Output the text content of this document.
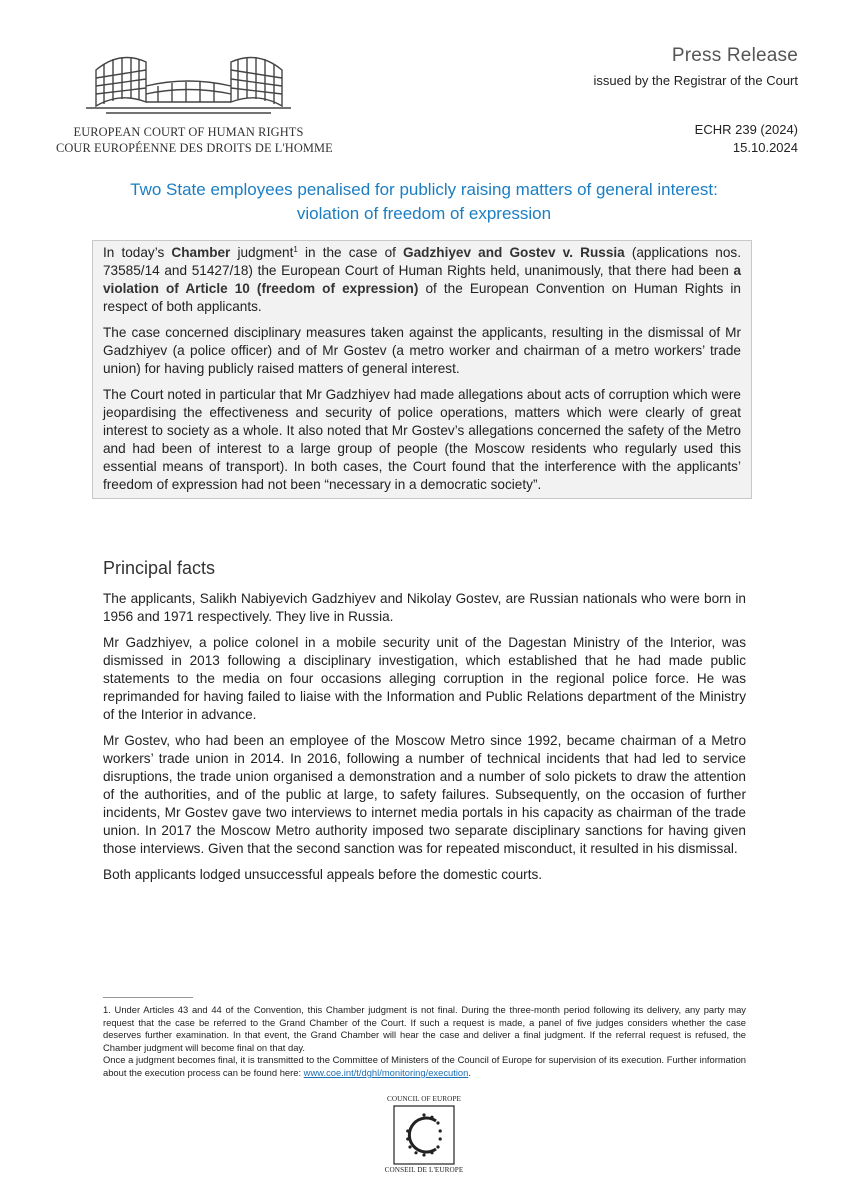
EUROPEAN COURT OF HUMAN RIGHTS
COUR EUROPÉENNE DES DROITS DE L'HOMME
Press Release
issued by the Registrar of the Court
ECHR 239 (2024)
15.10.2024
Two State employees penalised for publicly raising matters of general interest: violation of freedom of expression

In today’s Chamber judgment$^1$ in the case of Gadzhiyev and Gostev v. Russia (applications nos. 73585/14 and 51427/18) the European Court of Human Rights held, unanimously, that there had been a violation of Article 10 (freedom of expression) of the European Convention on Human Rights in respect of both applicants.

The case concerned disciplinary measures taken against the applicants, resulting in the dismissal of Mr Gadzhiyev (a police officer) and of Mr Gostev (a metro worker and chairman of a metro workers’ trade union) for having publicly raised matters of general interest.

The Court noted in particular that Mr Gadzhiyev had made allegations about acts of corruption which were jeopardising the effectiveness and security of police operations, matters which were clearly of great interest to society as a whole. It also noted that Mr Gostev’s allegations concerned the safety of the Metro and had been of interest to a large group of people (the Moscow residents who regularly used this essential means of transport). In both cases, the Court found that the interference with the applicants’ freedom of expression had not been “necessary in a democratic society”.

Principal facts

The applicants, Salikh Nabiyevich Gadzhiyev and Nikolay Gostev, are Russian nationals who were born in 1956 and 1971 respectively. They live in Russia.

Mr Gadzhiyev, a police colonel in a mobile security unit of the Dagestan Ministry of the Interior, was dismissed in 2013 following a disciplinary investigation, which established that he had made public statements to the media on four occasions alleging corruption in the regional police force. He was reprimanded for having failed to liaise with the Information and Public Relations department of the Ministry of the Interior in advance.

Mr Gostev, who had been an employee of the Moscow Metro since 1992, became chairman of a Metro workers’ trade union in 2014. In 2016, following a number of technical incidents that had led to service disruptions, the trade union organised a demonstration and a number of solo pickets to draw the attention of the authorities, and of the public at large, to safety failures. Subsequently, on the occasion of further incidents, Mr Gostev gave two interviews to internet media portals in his capacity as chairman of the trade union. In 2017 the Moscow Metro authority imposed two separate disciplinary sanctions for having given those interviews. Given that the second sanction was for repeated misconduct, it resulted in his dismissal.

Both applicants lodged unsuccessful appeals before the domestic courts.

1. Under Articles 43 and 44 of the Convention, this Chamber judgment is not final. During the three-month period following its delivery, any party may request that the case be referred to the Grand Chamber of the Court. If such a request is made, a panel of five judges considers whether the case deserves further examination. In that event, the Grand Chamber will hear the case and deliver a final judgment. If the referral request is refused, the Chamber judgment will become final on that day.

Once a judgment becomes final, it is transmitted to the Committee of Ministers of the Council of Europe for supervision of its execution. Further information about the execution process can be found here: www.coe.int/t/dghl/monitoring/execution.

COUNCIL OF EUROPE
CONSEIL DE L'EUROPE
